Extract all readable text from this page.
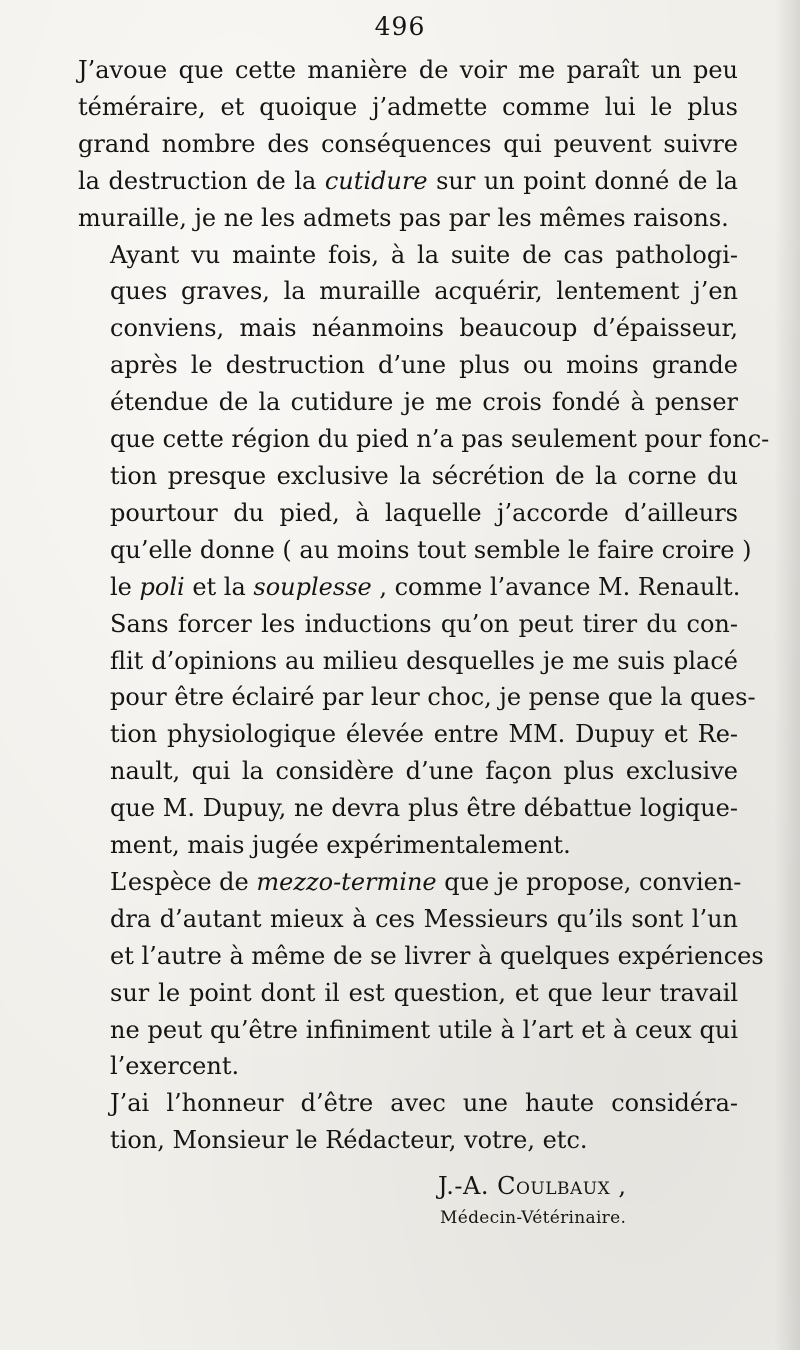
496

J’avoue que cette manière de voir me paraît un peu
téméraire, et quoique j’admette comme lui le plus
grand nombre des conséquences qui peuvent suivre
la destruction de la cutidure sur un point donné de la
muraille, je ne les admets pas par les mêmes raisons.

Ayant vu mainte fois, à la suite de cas pathologi-
ques graves, la muraille acquérir, lentement j’en
conviens, mais néanmoins beaucoup d’épaisseur,
après le destruction d’une plus ou moins grande
étendue de la cutidure je me crois fondé à penser
que cette région du pied n’a pas seulement pour fonc-
tion presque exclusive la sécrétion de la corne du
pourtour du pied, à laquelle j’accorde d’ailleurs
qu’elle donne ( au moins tout semble le faire croire )
le poli et la souplesse , comme l’avance M. Renault.

Sans forcer les inductions qu’on peut tirer du con-
flit d’opinions au milieu desquelles je me suis placé
pour être éclairé par leur choc, je pense que la ques-
tion physiologique élevée entre MM. Dupuy et Re-
nault, qui la considère d’une façon plus exclusive
que M. Dupuy, ne devra plus être débattue logique-
ment, mais jugée expérimentalement.

L’espèce de mezzo-termine que je propose, convien-
dra d’autant mieux à ces Messieurs qu’ils sont l’un
et l’autre à même de se livrer à quelques expériences
sur le point dont il est question, et que leur travail
ne peut qu’être infiniment utile à l’art et à ceux qui
l’exercent.

J’ai l’honneur d’être avec une haute considéra-
tion, Monsieur le Rédacteur, votre, etc.

J.-A. Coulbaux ,
Médecin-Vétérinaire.
